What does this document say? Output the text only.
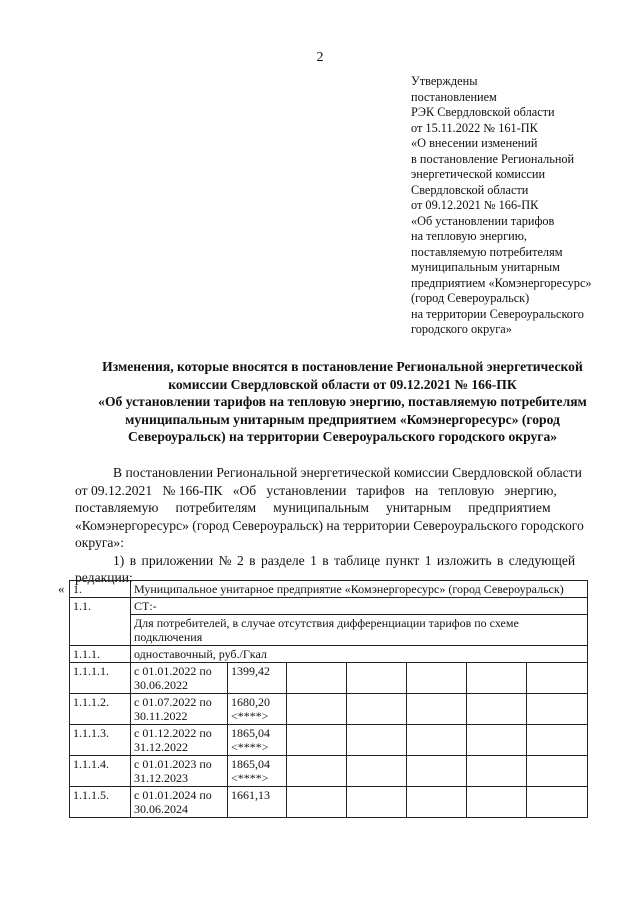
2
Утверждены
постановлением
РЭК Свердловской области
от 15.11.2022 № 161-ПК
«О внесении изменений
в постановление Региональной
энергетической комиссии
Свердловской области
от 09.12.2021 № 166-ПК
«Об установлении тарифов
на тепловую энергию,
поставляемую потребителям
муниципальным унитарным
предприятием «Комэнергоресурс»
(город Североуральск)
на территории Североуральского
городского округа»
Изменения, которые вносятся в постановление Региональной энергетической
комиссии Свердловской области от 09.12.2021 № 166-ПК
«Об установлении тарифов на тепловую энергию, поставляемую потребителям
муниципальным унитарным предприятием «Комэнергоресурс» (город
Североуральск) на территории Североуральского городского округа»
В постановлении Региональной энергетической комиссии Свердловской области
от 09.12.2021   № 166-ПК   «Об   установлении   тарифов   на   тепловую   энергию,
поставляемую     потребителям     муниципальным     унитарным     предприятием
«Комэнергоресурс» (город Североуральск) на территории Североуральского городского
округа»:
1) в приложении № 2 в разделе 1 в таблице пункт 1 изложить в следующей
редакции:
« 1.	Муниципальное унитарное предприятие «Комэнергоресурс» (город Североуральск)						
1.1.	СТ:-						
	Для потребителей, в случае отсутствия дифференциации тарифов по схеме подключения						
1.1.1.	одноставочный, руб./Гкал						
1.1.1.1.	с 01.01.2022 по 30.06.2022	1399,42					

1.1.1.2.	с 01.07.2022 по 30.11.2022	1680,20
<****>					

1.1.1.3.	с 01.12.2022 по 31.12.2022	1865,04
<****>					

1.1.1.4.	с 01.01.2023 по 31.12.2023	1865,04
<****>					

1.1.1.5.	с 01.01.2024 по 30.06.2024	1661,13					
